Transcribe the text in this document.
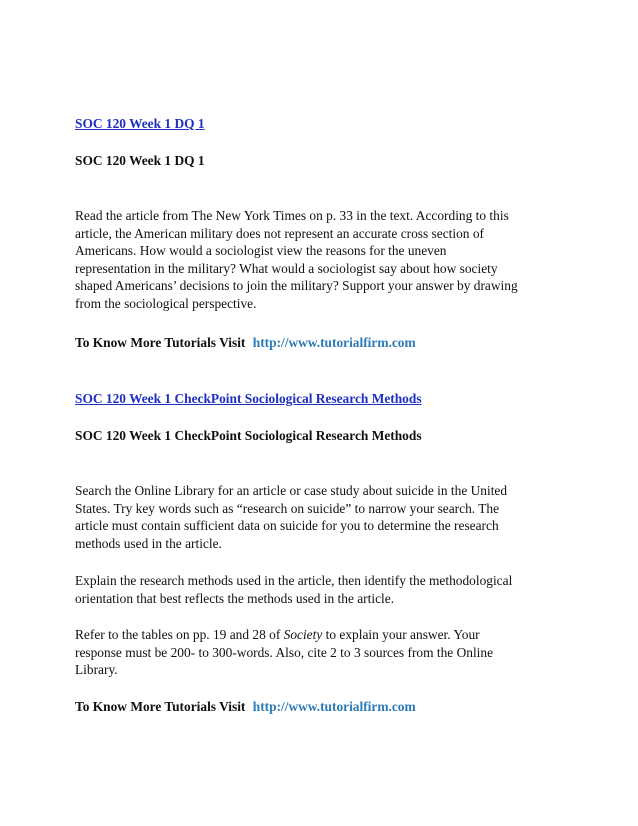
SOC 120 Week 1 DQ 1
SOC 120 Week 1 DQ 1

Read the article from The New York Times on p. 33 in the text. According to this

article, the American military does not represent an accurate cross section of

Americans. How would a sociologist view the reasons for the uneven

representation in the military? What would a sociologist say about how society

shaped Americans’ decisions to join the military? Support your answer by drawing

from the sociological perspective.

To Know More Tutorials Visit http://www.tutorialfirm.com
SOC 120 Week 1 CheckPoint Sociological Research Methods
SOC 120 Week 1 CheckPoint Sociological Research Methods

Search the Online Library for an article or case study about suicide in the United

States. Try key words such as “research on suicide” to narrow your search. The

article must contain sufficient data on suicide for you to determine the research

methods used in the article.

Explain the research methods used in the article, then identify the methodological

orientation that best reflects the methods used in the article.

Refer to the tables on pp. 19 and 28 of Society to explain your answer. Your

response must be 200- to 300-words. Also, cite 2 to 3 sources from the Online

Library.

To Know More Tutorials Visit http://www.tutorialfirm.com
